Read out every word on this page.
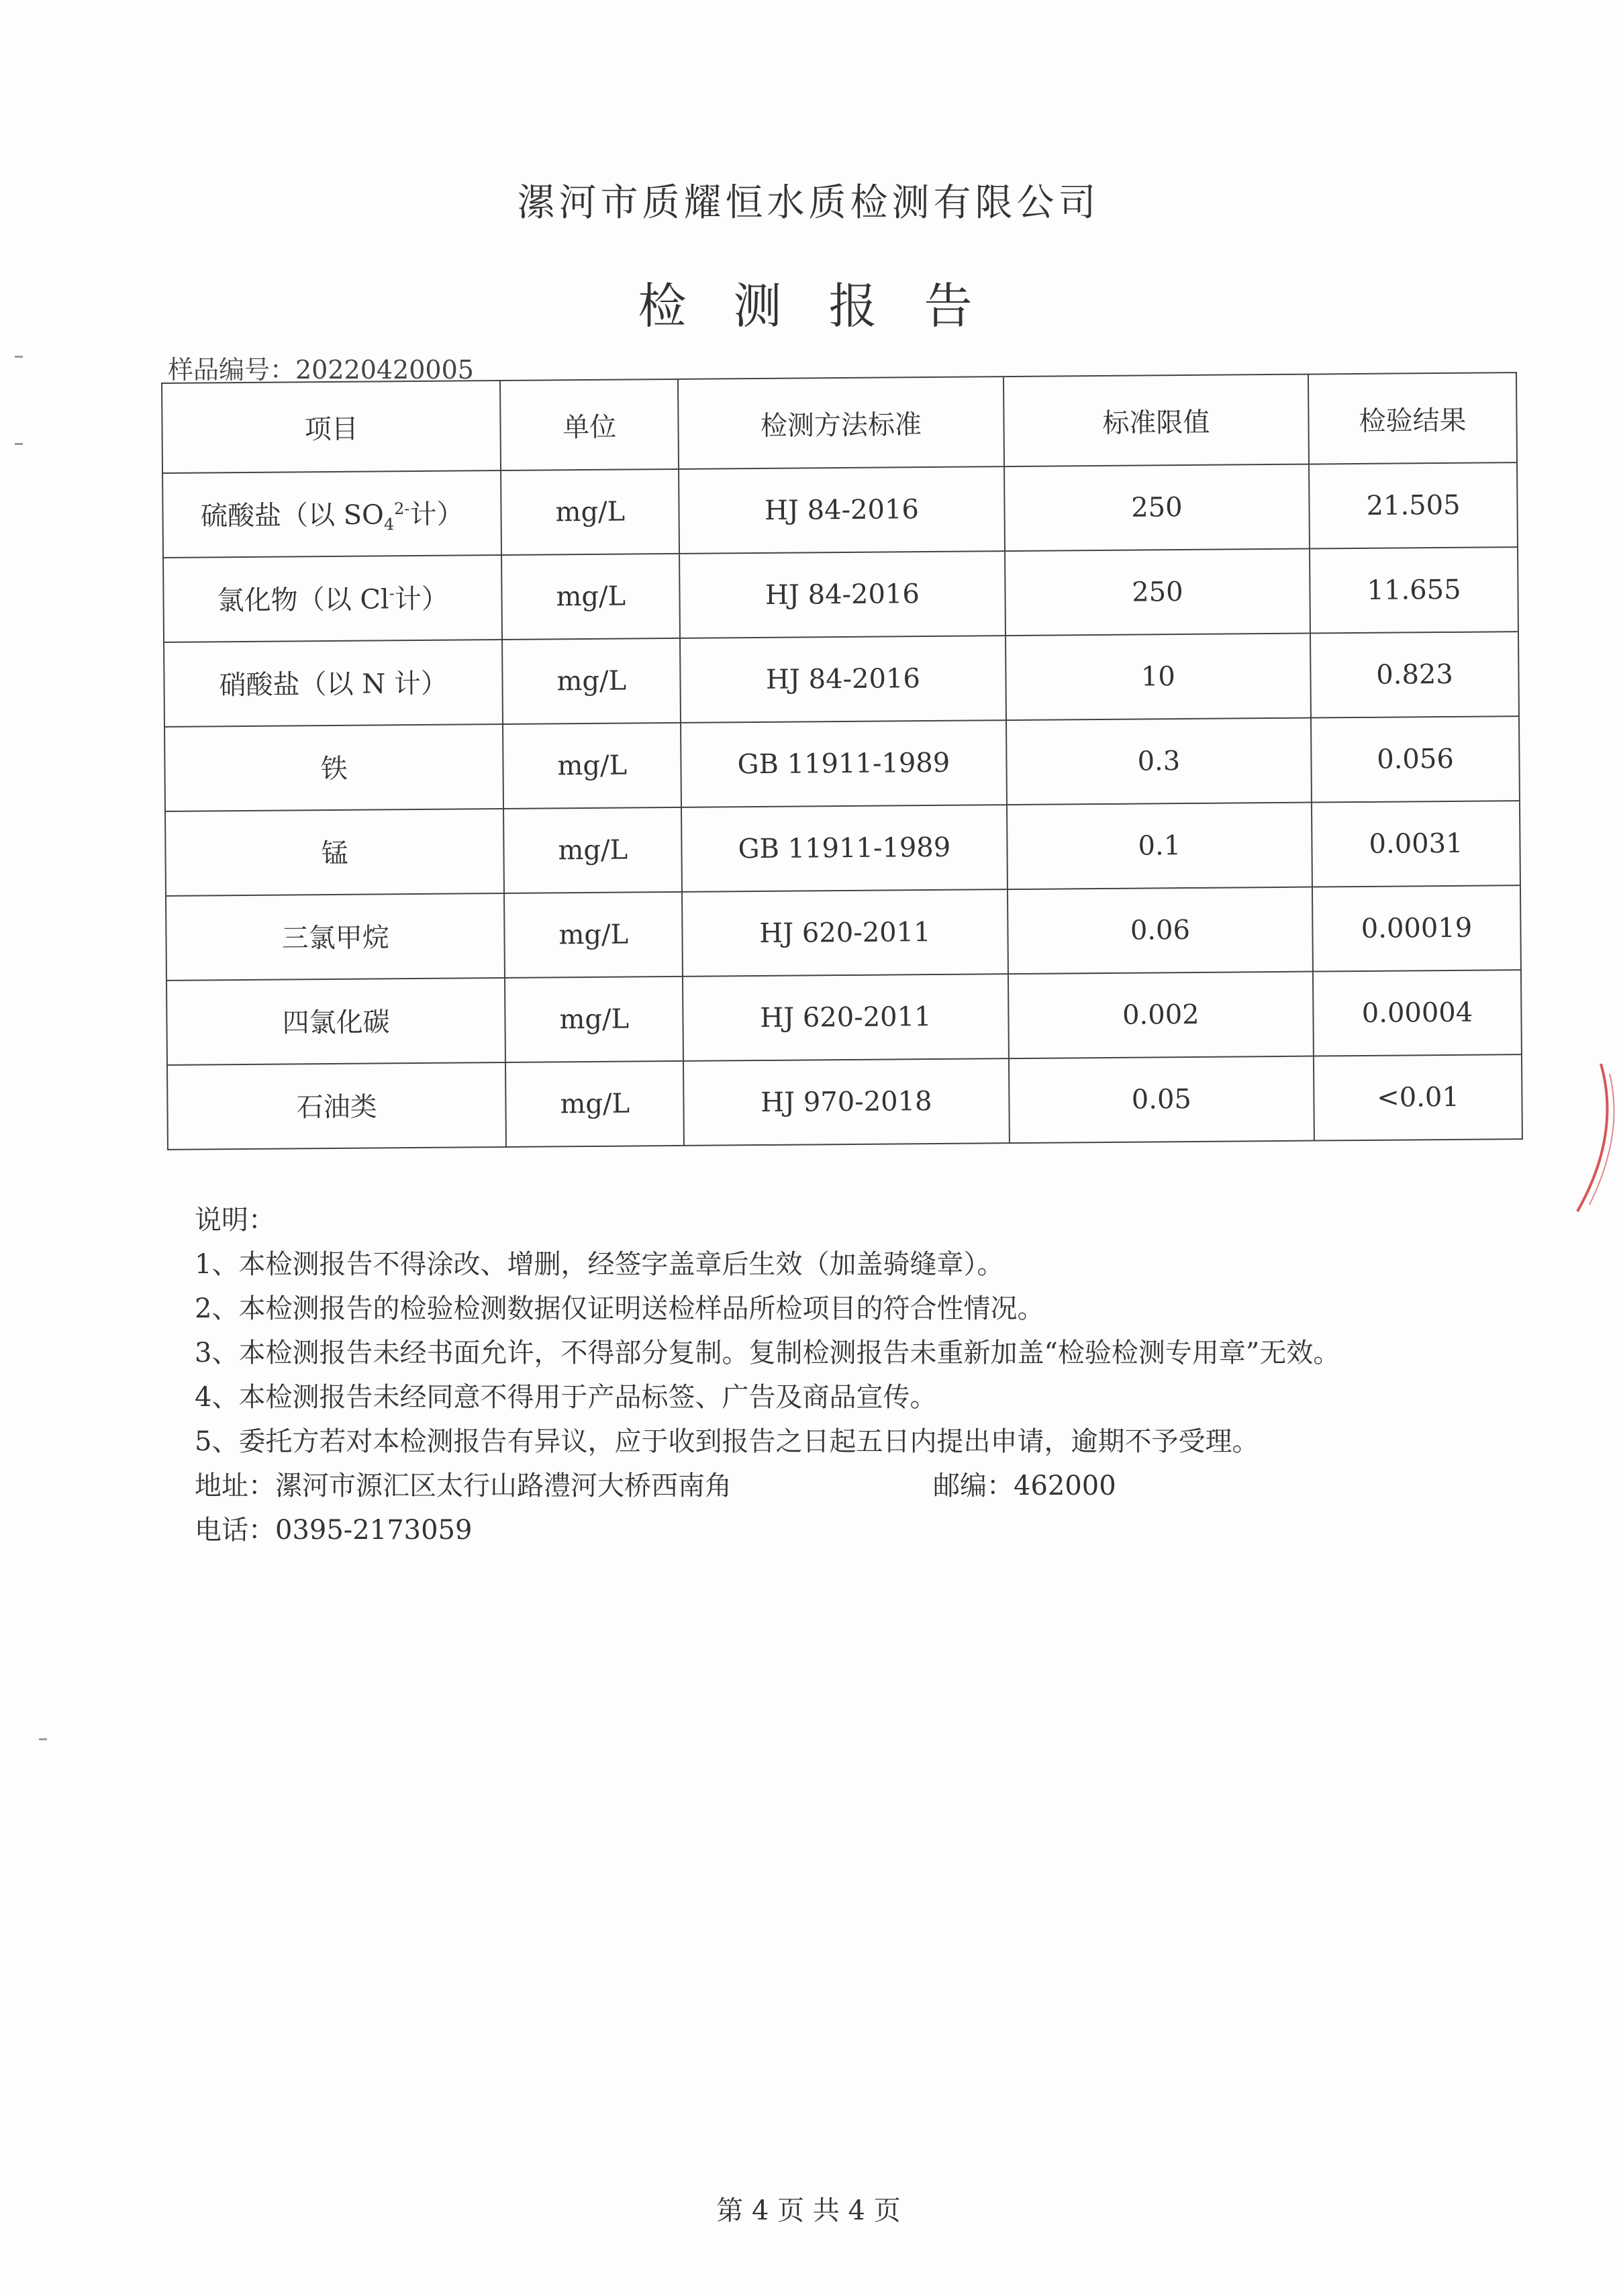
漯河市质耀恒水质检测有限公司
检测报告
样品编号：20220420005
项目	单位	检测方法标准	标准限值	检验结果
硫酸盐（以 $SO_4^{2-}$计）	mg/L	HJ 84-2016	250	21.505
氯化物（以 Cl-计）	mg/L	HJ 84-2016	250	11.655
硝酸盐（以 N 计）	mg/L	HJ 84-2016	10	0.823
铁	mg/L	GB 11911-1989	0.3	0.056
锰	mg/L	GB 11911-1989	0.1	0.0031
三氯甲烷	mg/L	HJ 620-2011	0.06	0.00019
四氯化碳	mg/L	HJ 620-2011	0.002	0.00004
石油类	mg/L	HJ 970-2018	0.05	<0.01
说明：
1、本检测报告不得涂改、增删，经签字盖章后生效（加盖骑缝章）。
2、本检测报告的检验检测数据仅证明送检样品所检项目的符合性情况。
3、本检测报告未经书面允许，不得部分复制。复制检测报告未重新加盖“检验检测专用章”无效。
4、本检测报告未经同意不得用于产品标签、广告及商品宣传。
5、委托方若对本检测报告有异议，应于收到报告之日起五日内提出申请，逾期不予受理。
地址：漯河市源汇区太行山路澧河大桥西南角	邮编：462000
电话：0395-2173059
第 4 页 共 4 页
